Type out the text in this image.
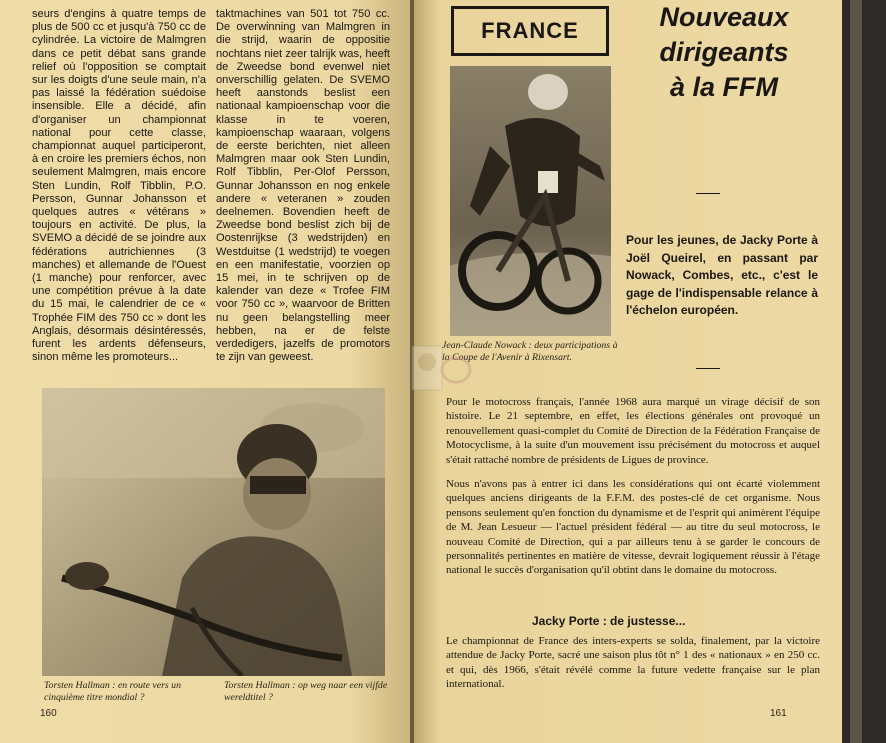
seurs d'engins à quatre temps de plus de 500 cc et jusqu'à 750 cc de cylindrée. La victoire de Malmgren dans ce petit débat sans grande relief où l'opposition se comptait sur les doigts d'une seule main, n'a pas laissé la fédération suédoise insensible. Elle a décidé, afin d'organiser un championnat national pour cette classe, championnat auquel participeront, à en croire les premiers échos, non seulement Malmgren, mais encore Sten Lundin, Rolf Tibblin, P.O. Persson, Gunnar Johansson et quelques autres « vétérans » toujours en activité. De plus, la SVEMO a décidé de se joindre aux fédérations autrichiennes (3 manches) et allemande de l'Ouest (1 manche) pour renforcer, avec une compétition prévue à la date du 15 mai, le calendrier de ce « Trophée FIM des 750 cc » dont les Anglais, désormais désintéressés, furent les ardents défenseurs, sinon même les promoteurs...

taktmachines van 501 tot 750 cc. De overwinning van Malmgren in die strijd, waarin de oppositie nochtans niet zeer talrijk was, heeft de Zweedse bond evenwel niet onverschillig gelaten. De SVEMO heeft aanstonds beslist een nationaal kampioenschap voor die klasse in te voeren, kampioenschap waaraan, volgens de eerste berichten, niet alleen Malmgren maar ook Sten Lundin, Rolf Tibblin, Per-Olof Persson, Gunnar Johansson en nog enkele andere « veteranen » zouden deelnemen. Bovendien heeft de Zweedse bond beslist zich bij de Oostenrijkse (3 wedstrijden) en Westduitse (1 wedstrijd) te voegen en een manifestatie, voorzien op 15 mei, in te schrijven op de kalender van deze « Trofee FIM voor 750 cc », waarvoor de Britten nu geen belangstelling meer hebben, na er de felste verdedigers, jazelfs de promotors te zijn van geweest.

Torsten Hallman : en route vers un cinquième titre mondial ?
Torsten Hallman : op weg naar een vijfde wereldtitel ?
160
FRANCE	Nouveaux
dirigeants
à la FFM
Jean-Claude Nowack : deux participations à la Coupe de l'Avenir à Rixensart.
Pour les jeunes, de Jacky Porte à Joël Queirel, en passant par Nowack, Combes, etc., c'est le gage de l'indispensable relance à l'échelon européen.
Pour le motocross français, l'année 1968 aura marqué un virage décisif de son histoire. Le 21 septembre, en effet, les élections générales ont provoqué un renouvellement quasi-complet du Comité de Direction de la Fédération Française de Motocyclisme, à la suite d'un mouvement issu précisément du motocross et auquel s'était rattaché nombre de présidents de Ligues de province.
Nous n'avons pas à entrer ici dans les considérations qui ont écarté violemment quelques anciens dirigeants de la F.F.M. des postes-clé de cet organisme. Nous pensons seulement qu'en fonction du dynamisme et de l'esprit qui animèrent l'équipe de M. Jean Lesueur — l'actuel président fédéral — au titre du seul motocross, le nouveau Comité de Direction, qui a par ailleurs tenu à se garder le concours de personnalités pertinentes en matière de vitesse, devrait logiquement réussir à l'étage national le succès d'organisation qu'il obtint dans le domaine du motocross.
Jacky Porte : de justesse...
Le championnat de France des inters-experts se solda, finalement, par la victoire attendue de Jacky Porte, sacré une saison plus tôt n° 1 des « nationaux » en 250 cc. et qui, dès 1966, s'était révélé comme la future vedette française sur le plan international.
161
